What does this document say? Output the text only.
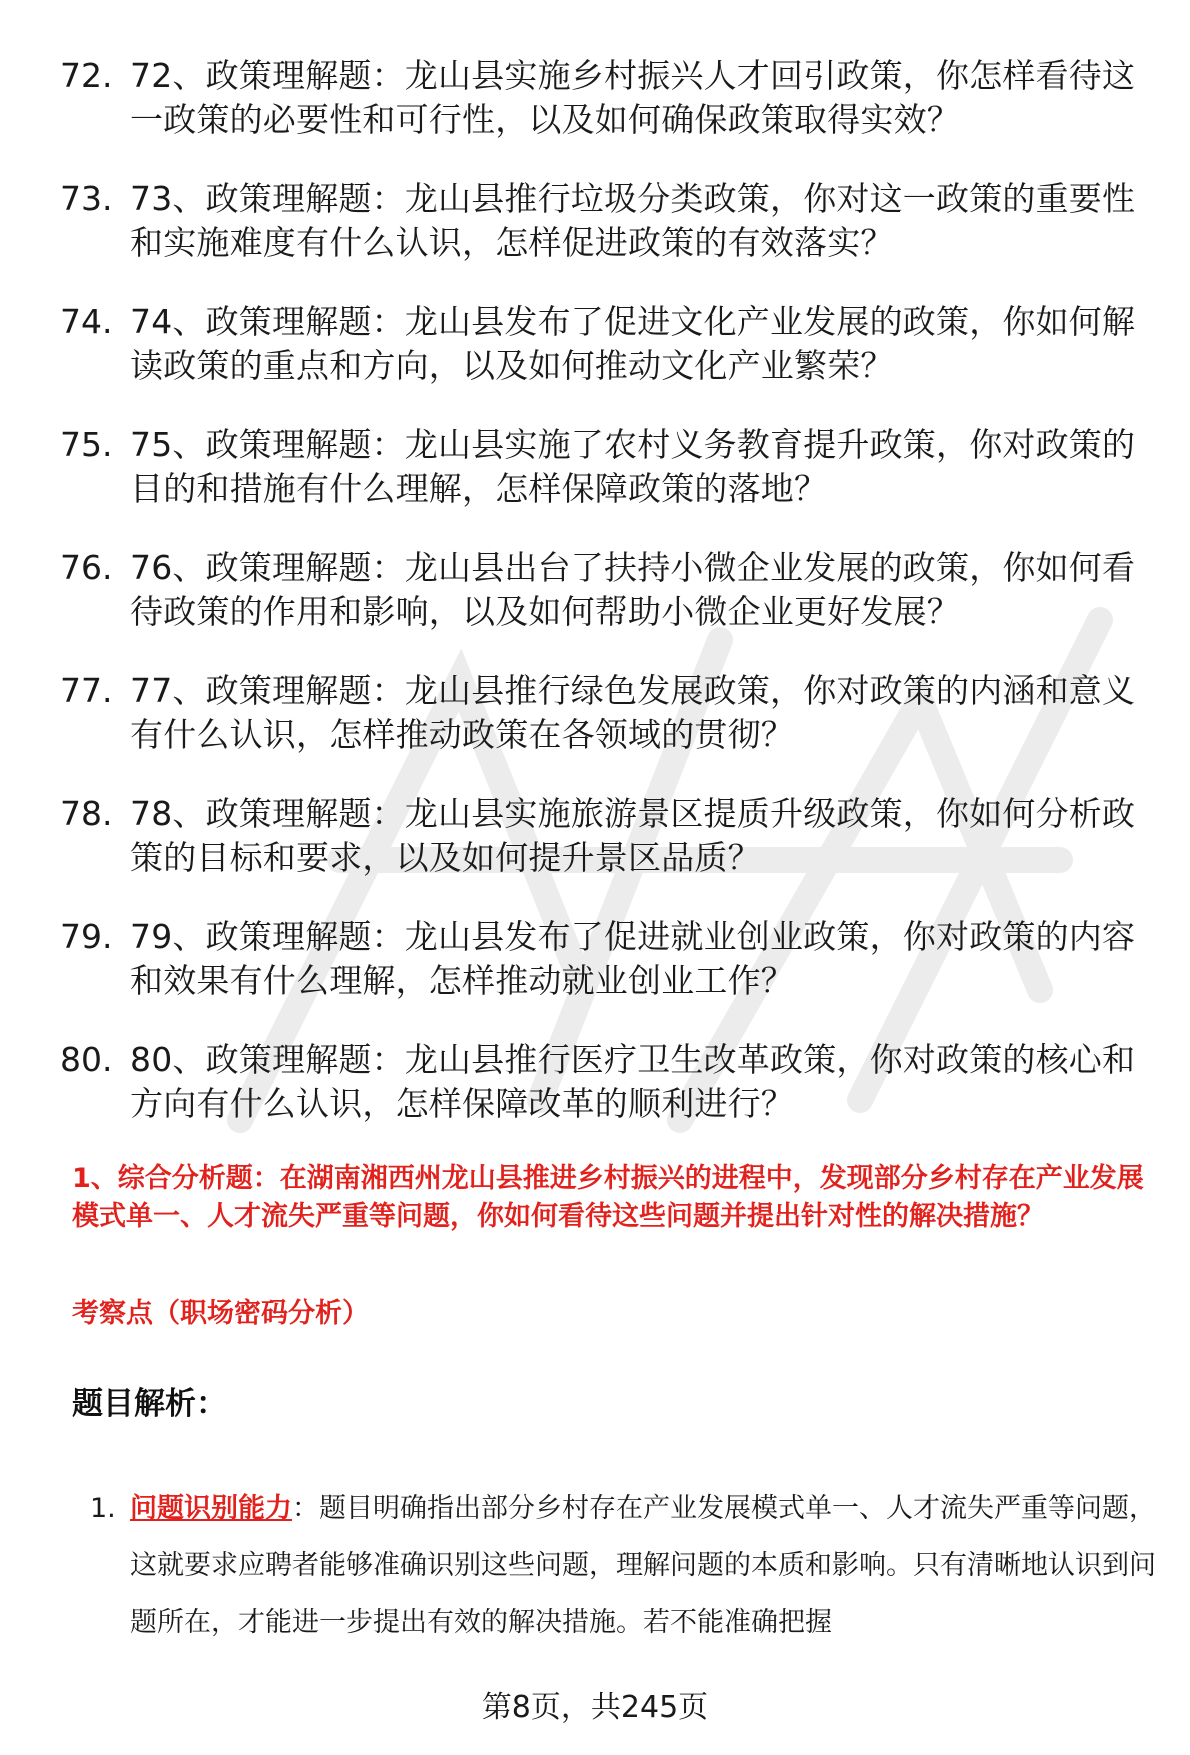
72. 72、政策理解题：龙山县实施乡村振兴人才回引政策，你怎样看待这一政策的必要性和可行性，以及如何确保政策取得实效？
73. 73、政策理解题：龙山县推行垃圾分类政策，你对这一政策的重要性和实施难度有什么认识，怎样促进政策的有效落实？
74. 74、政策理解题：龙山县发布了促进文化产业发展的政策，你如何解读政策的重点和方向，以及如何推动文化产业繁荣？
75. 75、政策理解题：龙山县实施了农村义务教育提升政策，你对政策的目的和措施有什么理解，怎样保障政策的落地？
76. 76、政策理解题：龙山县出台了扶持小微企业发展的政策，你如何看待政策的作用和影响，以及如何帮助小微企业更好发展？
77. 77、政策理解题：龙山县推行绿色发展政策，你对政策的内涵和意义有什么认识，怎样推动政策在各领域的贯彻？
78. 78、政策理解题：龙山县实施旅游景区提质升级政策，你如何分析政策的目标和要求，以及如何提升景区品质？
79. 79、政策理解题：龙山县发布了促进就业创业政策，你对政策的内容和效果有什么理解，怎样推动就业创业工作？
80. 80、政策理解题：龙山县推行医疗卫生改革政策，你对政策的核心和方向有什么认识，怎样保障改革的顺利进行？
1、综合分析题：在湖南湘西州龙山县推进乡村振兴的进程中，发现部分乡村存在产业发展模式单一、人才流失严重等问题，你如何看待这些问题并提出针对性的解决措施？
考察点（职场密码分析）
题目解析：
1. 问题识别能力：题目明确指出部分乡村存在产业发展模式单一、人才流失严重等问题，这就要求应聘者能够准确识别这些问题，理解问题的本质和影响。只有清晰地认识到问题所在，才能进一步提出有效的解决措施。若不能准确把握
第8页，共245页
